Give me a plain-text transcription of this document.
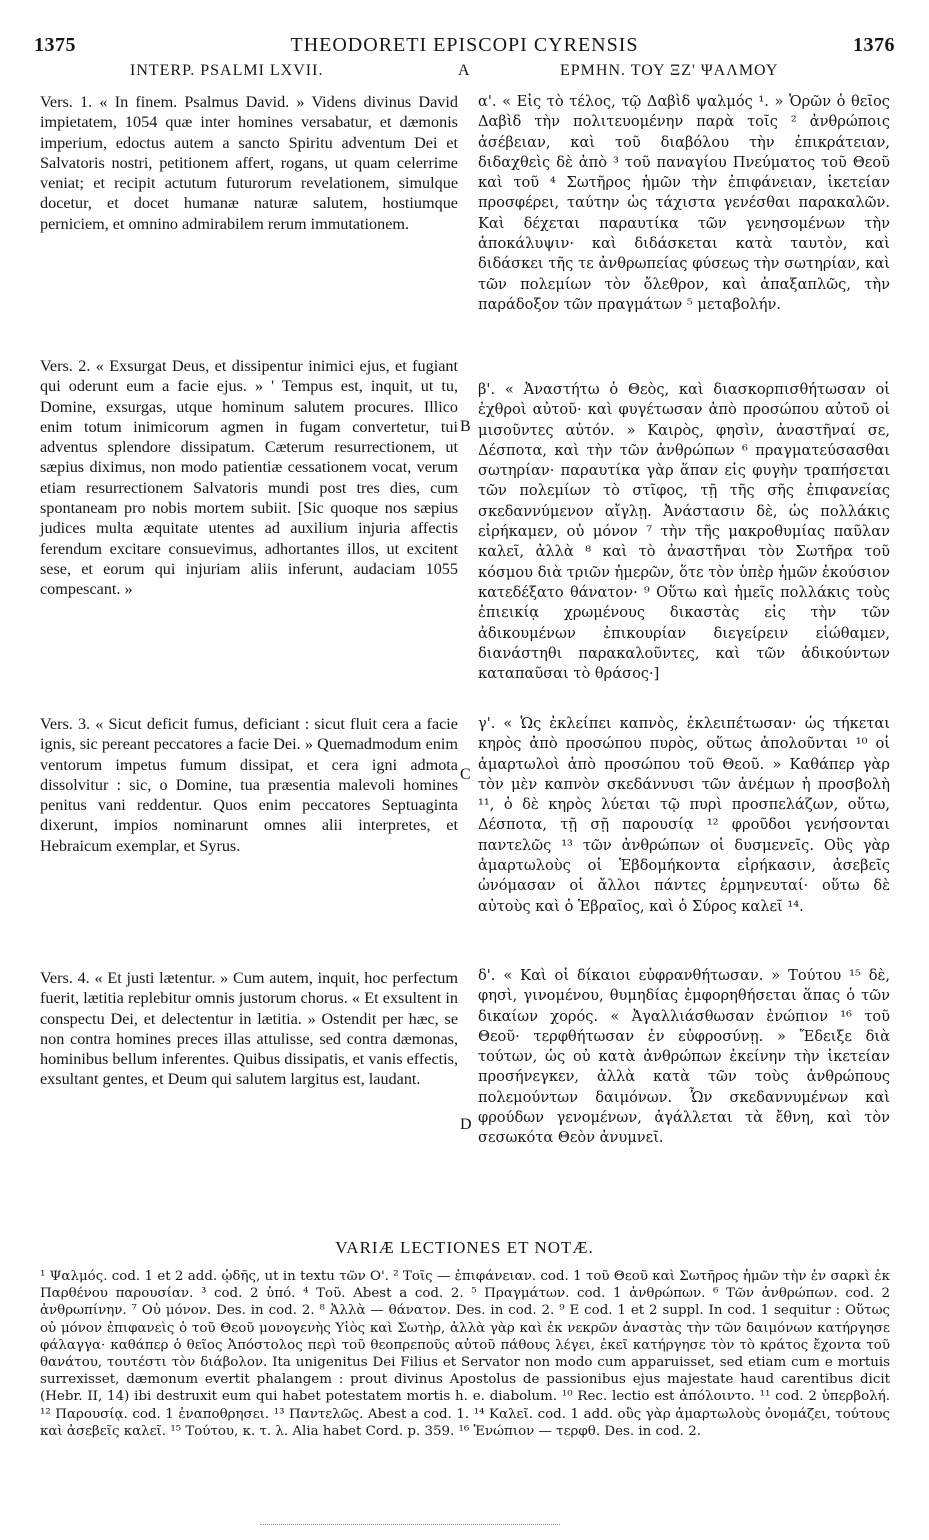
1375	THEODORETI EPISCOPI CYRENSIS	1376
INTERP. PSALMI LXVII.	A	ΕΡΜΗΝ. ΤΟΥ ΞΖ' ΨΑΛΜΟΥ
Vers. 1. « In finem. Psalmus David. » Videns divinus David impietatem, 1054 quæ inter homines versabatur, et dæmonis imperium, edoctus autem a sancto Spiritu adventum Dei et Salvatoris nostri, petitionem affert, rogans, ut quam celerrime veniat; et recipit actutum futurorum revelationem, simulque docetur, et docet humanæ naturæ salutem, hostiumque perniciem, et omnino admirabilem rerum immutationem.
Vers. 2. « Exsurgat Deus, et dissipentur inimici ejus, et fugiant qui oderunt eum a facie ejus. » ' Tempus est, inquit, ut tu, Domine, exsurgas, utque hominum salutem procures. Illico enim totum inimicorum agmen in fugam convertetur, tui adventus splendore dissipatum. Cæterum resurrectionem, ut sæpius diximus, non modo patientiæ cessationem vocat, verum etiam resurrectionem Salvatoris mundi post tres dies, cum spontaneam pro nobis mortem subiit. [Sic quoque nos sæpius judices multa æquitate utentes ad auxilium injuria affectis ferendum excitare consuevimus, adhortantes illos, ut excitent sese, et eorum qui injuriam aliis inferunt, audaciam 1055 compescant. »
Vers. 3. « Sicut deficit fumus, deficiant : sicut fluit cera a facie ignis, sic pereant peccatores a facie Dei. » Quemadmodum enim ventorum impetus fumum dissipat, et cera igni admota dissolvitur : sic, o Domine, tua præsentia malevoli homines penitus vani reddentur. Quos enim peccatores Septuaginta dixerunt, impios nominarunt omnes alii interpretes, et Hebraicum exemplar, et Syrus.
Vers. 4. « Et justi lætentur. » Cum autem, inquit, hoc perfectum fuerit, lætitia replebitur omnis justorum chorus. « Et exsultent in conspectu Dei, et delectentur in lætitia. » Ostendit per hæc, se non contra homines preces illas attulisse, sed contra dæmonas, hominibus bellum inferentes. Quibus dissipatis, et vanis effectis, exsultant gentes, et Deum qui salutem largitus est, laudant.
α'. « Εἰς τὸ τέλος, τῷ Δαβὶδ ψαλμός ¹. » Ὁρῶν ὁ θεῖος Δαβὶδ τὴν πολιτευομένην παρὰ τοῖς ² ἀνθρώποις ἀσέβειαν, καὶ τοῦ διαβόλου τὴν ἐπικράτειαν, διδαχθεὶς δὲ ἀπὸ ³ τοῦ παναγίου Πνεύματος τοῦ Θεοῦ καὶ τοῦ ⁴ Σωτῆρος ἡμῶν τὴν ἐπιφάνειαν, ἱκετείαν προσφέρει, ταύτην ὡς τάχιστα γενέσθαι παρακαλῶν. Καὶ δέχεται παραυτίκα τῶν γενησομένων τὴν ἀποκάλυψιν· καὶ διδάσκεται κατὰ ταυτὸν, καὶ διδάσκει τῆς τε ἀνθρωπείας φύσεως τὴν σωτηρίαν, καὶ τῶν πολεμίων τὸν ὄλεθρον, καὶ ἁπαξαπλῶς, τὴν παράδοξον τῶν πραγμάτων ⁵ μεταβολήν.
β'. « Ἀναστήτω ὁ Θεὸς, καὶ διασκορπισθήτωσαν οἱ ἐχθροὶ αὐτοῦ· καὶ φυγέτωσαν ἀπὸ προσώπου αὐτοῦ οἱ μισοῦντες αὐτόν. » Καιρὸς, φησὶν, ἀναστῆναί σε, Δέσποτα, καὶ τὴν τῶν ἀνθρώπων ⁶ πραγματεύσασθαι σωτηρίαν· παραυτίκα γὰρ ἅπαν εἰς φυγὴν τραπήσεται τῶν πολεμίων τὸ στῖφος, τῇ τῆς σῆς ἐπιφανείας σκεδαννύμενον αἴγλῃ. Ἀνάστασιν δὲ, ὡς πολλάκις εἰρήκαμεν, οὐ μόνον ⁷ τὴν τῆς μακροθυμίας παῦλαν καλεῖ, ἀλλὰ ⁸ καὶ τὸ ἀναστῆναι τὸν Σωτῆρα τοῦ κόσμου διὰ τριῶν ἡμερῶν, ὅτε τὸν ὑπὲρ ἡμῶν ἑκούσιον κατεδέξατο θάνατον· ⁹ Οὕτω καὶ ἡμεῖς πολλάκις τοὺς ἐπιεικίᾳ χρωμένους δικαστὰς εἰς τὴν τῶν ἀδικουμένων ἐπικουρίαν διεγείρειν εἰώθαμεν, διανάστηθι παρακαλοῦντες, καὶ τῶν ἀδικούντων καταπαῦσαι τὸ θράσος·]
γ'. « Ὡς ἐκλείπει καπνὸς, ἐκλειπέτωσαν· ὡς τήκεται κηρὸς ἀπὸ προσώπου πυρὸς, οὕτως ἀπολοῦνται ¹⁰ οἱ ἁμαρτωλοὶ ἀπὸ προσώπου τοῦ Θεοῦ. » Καθάπερ γὰρ τὸν μὲν καπνὸν σκεδάννυσι τῶν ἀνέμων ἡ προσβολὴ ¹¹, ὁ δὲ κηρὸς λύεται τῷ πυρὶ προσπελάζων, οὕτω, Δέσποτα, τῇ σῇ παρουσίᾳ ¹² φροῦδοι γενήσονται παντελῶς ¹³ τῶν ἀνθρώπων οἱ δυσμενεῖς. Οὓς γὰρ ἁμαρτωλοὺς οἱ Ἑβδομήκοντα εἰρήκασιν, ἀσεβεῖς ὠνόμασαν οἱ ἄλλοι πάντες ἑρμηνευταί· οὕτω δὲ αὐτοὺς καὶ ὁ Ἑβραῖος, καὶ ὁ Σύρος καλεῖ ¹⁴.
δ'. « Καὶ οἱ δίκαιοι εὐφρανθήτωσαν. » Τούτου ¹⁵ δὲ, φησὶ, γινομένου, θυμηδίας ἐμφορηθήσεται ἅπας ὁ τῶν δικαίων χορός. « Ἀγαλλιάσθωσαν ἐνώπιον ¹⁶ τοῦ Θεοῦ· τερφθήτωσαν ἐν εὐφροσύνῃ. » Ἔδειξε διὰ τούτων, ὡς οὐ κατὰ ἀνθρώπων ἐκείνην τὴν ἱκετείαν προσήνεγκεν, ἀλλὰ κατὰ τῶν τοὺς ἀνθρώπους πολεμούντων δαιμόνων. Ὧν σκεδαννυμένων καὶ φρούδων γενομένων, ἀγάλλεται τὰ ἔθνη, καὶ τὸν σεσωκότα Θεὸν ἀνυμνεῖ.
B
C
D
VARIÆ LECTIONES ET NOTÆ.
¹ Ψαλμός. cod. 1 et 2 add. ᾠδῆς, ut in textu τῶν Ο'. ² Τοῖς — ἐπιφάνειαν. cod. 1 τοῦ Θεοῦ καὶ Σωτῆρος ἡμῶν τὴν ἐν σαρκὶ ἐκ Παρθένου παρουσίαν. ³ cod. 2 ὑπό. ⁴ Τοῦ. Abest a cod. 2. ⁵ Πραγμάτων. cod. 1 ἀνθρώπων. ⁶ Τῶν ἀνθρώπων. cod. 2 ἀνθρωπίνην. ⁷ Οὐ μόνον. Des. in cod. 2. ⁸ Ἀλλὰ — θάνατον. Des. in cod. 2. ⁹ E cod. 1 et 2 suppl. In cod. 1 sequitur : Οὕτως οὐ μόνον ἐπιφανεὶς ὁ τοῦ Θεοῦ μονογενὴς Υἱὸς καὶ Σωτὴρ, ἀλλὰ γὰρ καὶ ἐκ νεκρῶν ἀναστὰς τὴν τῶν δαιμόνων κατήργησε φάλαγγα· καθάπερ ὁ θεῖος Ἀπόστολος περὶ τοῦ θεοπρεποῦς αὐτοῦ πάθους λέγει, ἐκεῖ κατήργησε τὸν τὸ κράτος ἔχοντα τοῦ θανάτου, τουτέστι τὸν διάβολον. Ita unigenitus Dei Filius et Servator non modo cum apparuisset, sed etiam cum e mortuis surrexisset, dæmonum evertit phalangem : prout divinus Apostolus de passionibus ejus majestate haud carentibus dicit (Hebr. II, 14) ibi destruxit eum qui habet potestatem mortis h. e. diabolum. ¹⁰ Rec. lectio est ἀπόλοιντο. ¹¹ cod. 2 ὑπερβολή. ¹² Παρουσίᾳ. cod. 1 ἐναποθρησει. ¹³ Παντελῶς. Abest a cod. 1. ¹⁴ Καλεῖ. cod. 1 add. οὓς γὰρ ἁμαρτωλοὺς ὀνομάζει, τούτους καὶ ἀσεβεῖς καλεῖ. ¹⁵ Τούτου, κ. τ. λ. Alia habet Cord. p. 359. ¹⁶ Ἐνώπιον — τερφθ. Des. in cod. 2.
